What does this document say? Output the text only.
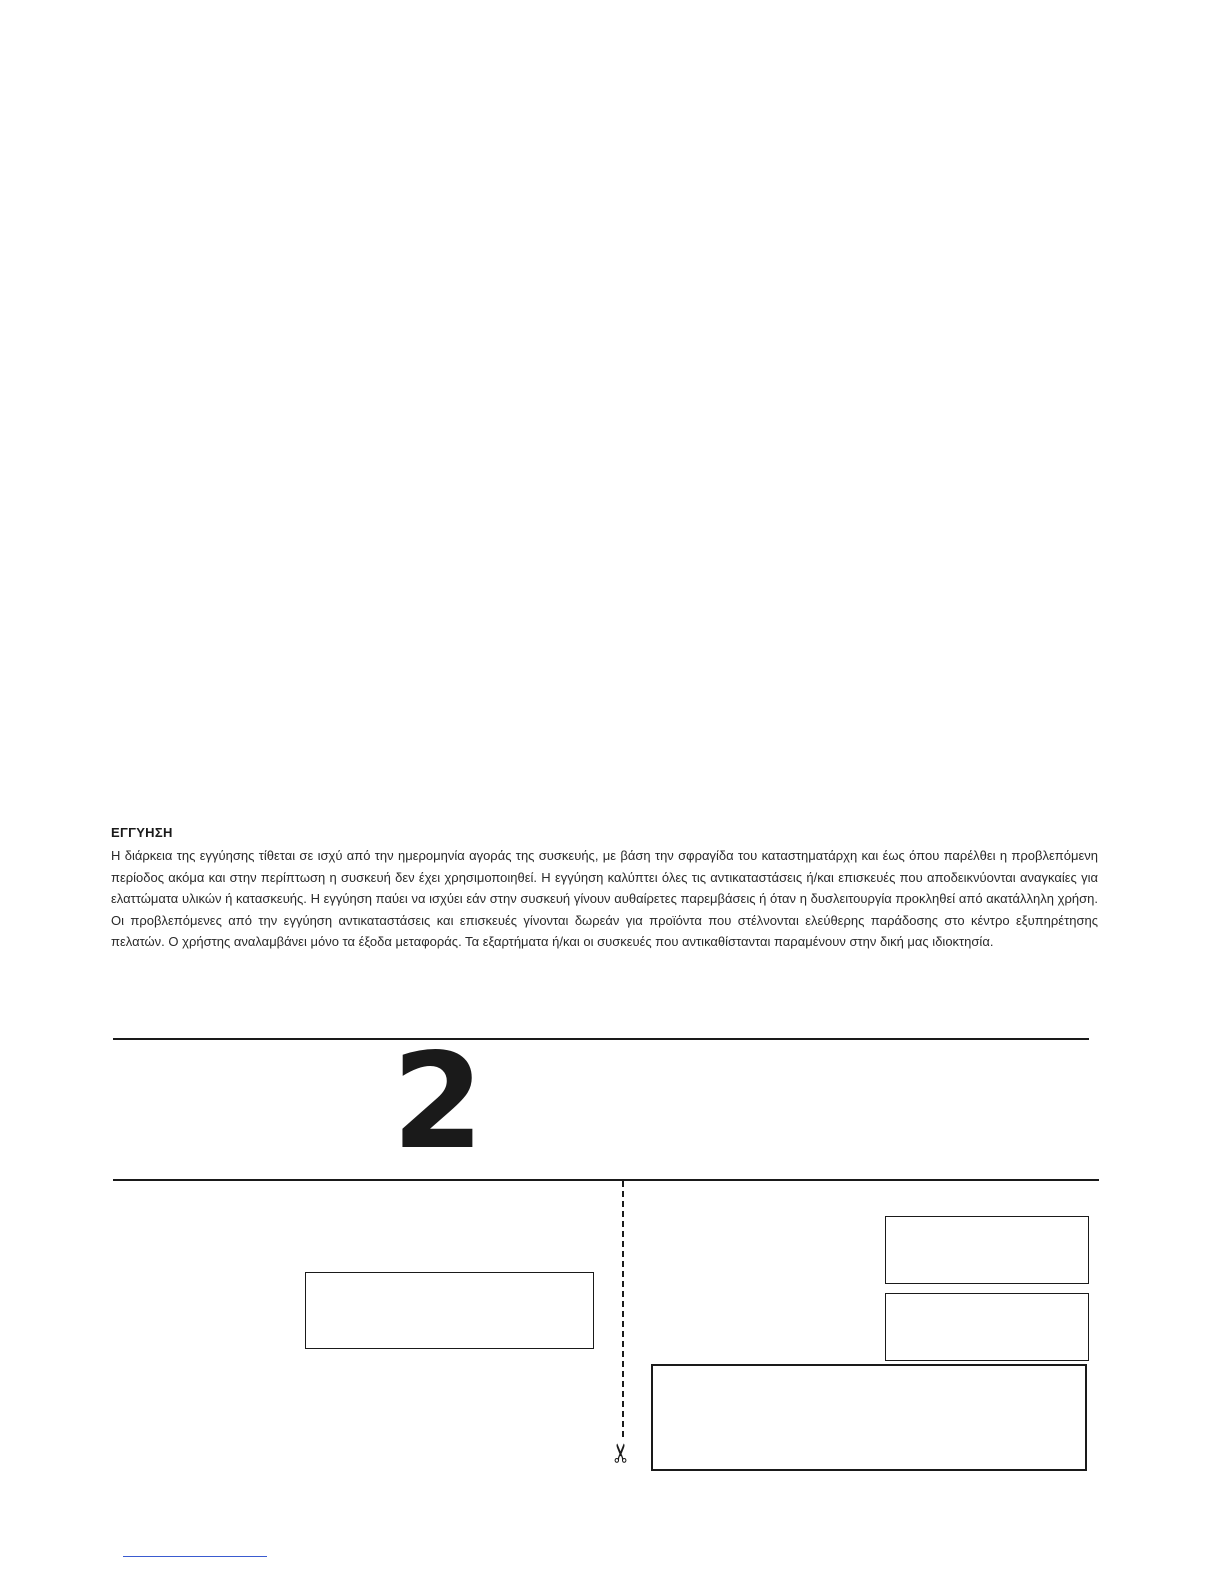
ΕΓΓΥΗΣΗ

Η διάρκεια της εγγύησης τίθεται σε ισχύ από την ημερομηνία αγοράς της συσκευής, με βάση την σφραγίδα του καταστηματάρχη και έως όπου παρέλθει η προβλεπόμενη περίοδος ακόμα και στην περίπτωση η συσκευή δεν έχει χρησιμοποιηθεί. Η εγγύηση καλύπτει όλες τις αντικαταστάσεις ή/και επισκευές που αποδεικνύονται αναγκαίες για ελαττώματα υλικών ή κατασκευής. Η εγγύηση παύει να ισχύει εάν στην συσκευή γίνουν αυθαίρετες παρεμβάσεις ή όταν η δυσλειτουργία προκληθεί από ακατάλληλη χρήση. Οι προβλεπόμενες από την εγγύηση αντικαταστάσεις και επισκευές γίνονται δωρεάν για προϊόντα που στέλνονται ελεύθερης παράδοσης στο κέντρο εξυπηρέτησης πελατών. Ο χρήστης αναλαμβάνει μόνο τα έξοδα μεταφοράς. Τα εξαρτήματα ή/και οι συσκευές που αντικαθίστανται παραμένουν στην δική μας ιδιοκτησία.

2
✂
